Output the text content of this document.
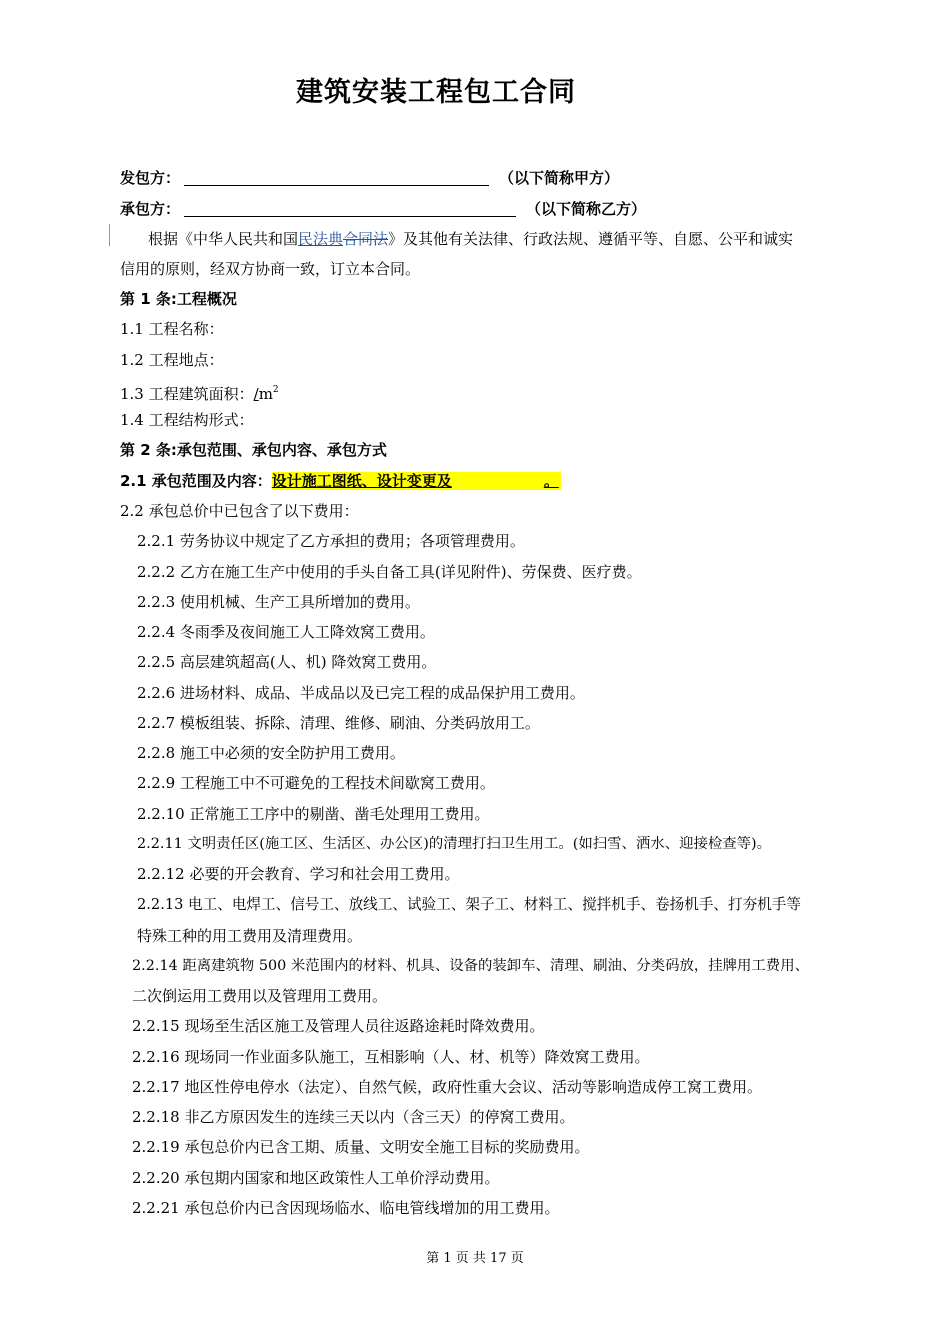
建筑安装工程包工合同
发包方：	（以下简称甲方）
承包方：	（以下简称乙方）
根据《中华人民共和国民法典合同法》及其他有关法律、行政法规、遵循平等、自愿、公平和诚实
信用的原则，经双方协商一致，订立本合同。
第 1 条:工程概况
1.1 工程名称：
1.2 工程地点：
1.3 工程建筑面积：$/m^2$
1.4 工程结构形式：
第 2 条:承包范围、承包内容、承包方式
2.1 承包范围及内容：设计施工图纸、设计变更及	。
2.2 承包总价中已包含了以下费用：
2.2.1 劳务协议中规定了乙方承担的费用；各项管理费用。
2.2.2 乙方在施工生产中使用的手头自备工具(详见附件)、劳保费、医疗费。
2.2.3 使用机械、生产工具所增加的费用。
2.2.4 冬雨季及夜间施工人工降效窝工费用。
2.2.5 高层建筑超高(人、机) 降效窝工费用。
2.2.6 进场材料、成品、半成品以及已完工程的成品保护用工费用。
2.2.7 模板组装、拆除、清理、维修、刷油、分类码放用工。
2.2.8 施工中必须的安全防护用工费用。
2.2.9 工程施工中不可避免的工程技术间歇窝工费用。
2.2.10 正常施工工序中的剔凿、凿毛处理用工费用。
2.2.11 文明责任区(施工区、生活区、办公区)的清理打扫卫生用工。(如扫雪、洒水、迎接检查等)。
2.2.12 必要的开会教育、学习和社会用工费用。
2.2.13 电工、电焊工、信号工、放线工、试验工、架子工、材料工、搅拌机手、卷扬机手、打夯机手等
特殊工种的用工费用及清理费用。
2.2.14 距离建筑物 500 米范围内的材料、机具、设备的装卸车、清理、刷油、分类码放，挂牌用工费用、
二次倒运用工费用以及管理用工费用。
2.2.15 现场至生活区施工及管理人员往返路途耗时降效费用。
2.2.16 现场同一作业面多队施工，互相影响（人、材、机等）降效窝工费用。
2.2.17 地区性停电停水（法定）、自然气候，政府性重大会议、活动等影响造成停工窝工费用。
2.2.18 非乙方原因发生的连续三天以内（含三天）的停窝工费用。
2.2.19 承包总价内已含工期、质量、文明安全施工目标的奖励费用。
2.2.20 承包期内国家和地区政策性人工单价浮动费用。
2.2.21 承包总价内已含因现场临水、临电管线增加的用工费用。
第 1 页 共 17 页
